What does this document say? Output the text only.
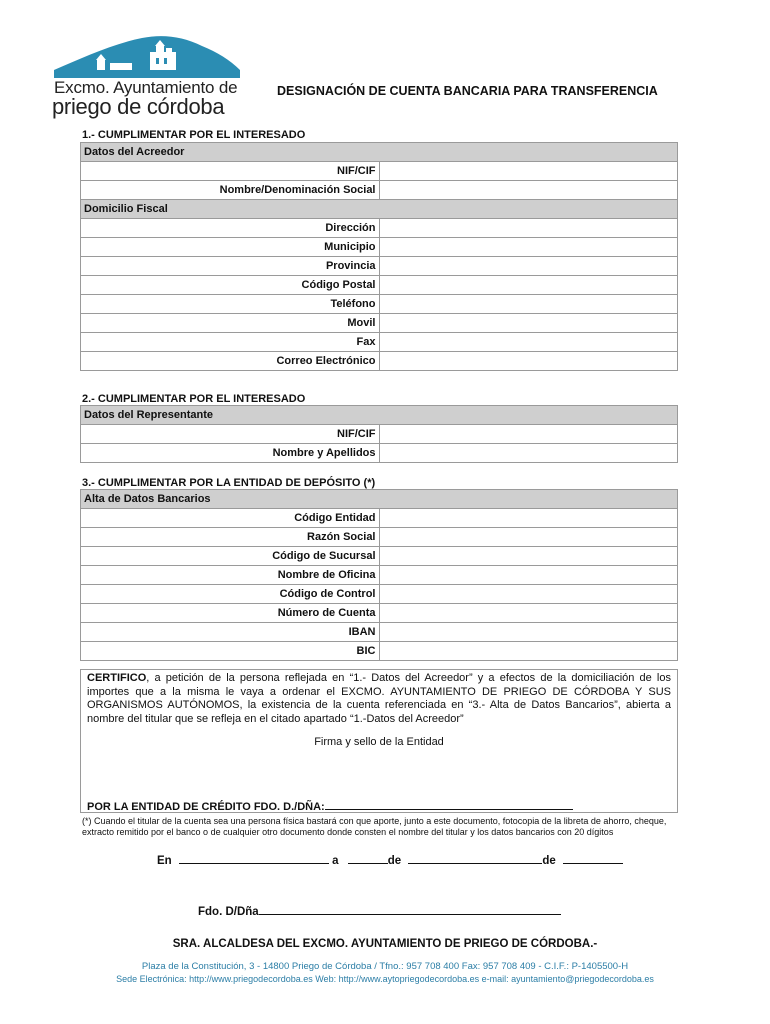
Excmo. Ayuntamiento de
priego de córdoba
DESIGNACIÓN DE CUENTA BANCARIA PARA TRANSFERENCIA
1.- CUMPLIMENTAR POR EL INTERESADO
Datos del Acreedor	
NIF/CIF	
Nombre/Denominación Social	
Domicilio Fiscal	
Dirección	
Municipio	
Provincia	
Código Postal	
Teléfono	
Movil	
Fax	
Correo Electrónico	
2.- CUMPLIMENTAR POR EL INTERESADO
Datos del Representante	
NIF/CIF	
Nombre y Apellidos	
3.- CUMPLIMENTAR POR LA ENTIDAD DE DEPÓSITO (*)
Alta de Datos Bancarios	
Código Entidad	
Razón Social	
Código de Sucursal	
Nombre de Oficina	
Código de Control	
Número de Cuenta	
IBAN	
BIC	
CERTIFICO, a petición de la persona reflejada en “1.- Datos del Acreedor” y a efectos de la domiciliación de los importes que a la misma le vaya a ordenar el EXCMO. AYUNTAMIENTO DE PRIEGO DE CÓRDOBA Y SUS ORGANISMOS AUTÓNOMOS, la existencia de la cuenta referenciada en “3.- Alta de Datos Bancarios”, abierta a nombre del titular que se refleja en el citado apartado “1.-Datos del Acreedor”
Firma y sello de la Entidad
POR LA ENTIDAD DE CRÉDITO FDO. D./DÑA:
(*) Cuando el titular de la cuenta sea una persona física bastará con que aporte, junto a este documento, fotocopia de la libreta de ahorro, cheque, extracto remitido por el banco o de cualquier otro documento donde consten el nombre del titular y los datos bancarios con 20 dígitos
En	a	de	de
Fdo. D/Dña
SRA. ALCALDESA DEL EXCMO. AYUNTAMIENTO DE PRIEGO DE CÓRDOBA.-
Plaza de la Constitución, 3 - 14800 Priego de Córdoba / Tfno.: 957 708 400 Fax: 957 708 409 - C.I.F.: P-1405500-H
Sede Electrónica: http://www.priegodecordoba.es Web: http://www.aytopriegodecordoba.es e-mail: ayuntamiento@priegodecordoba.es
